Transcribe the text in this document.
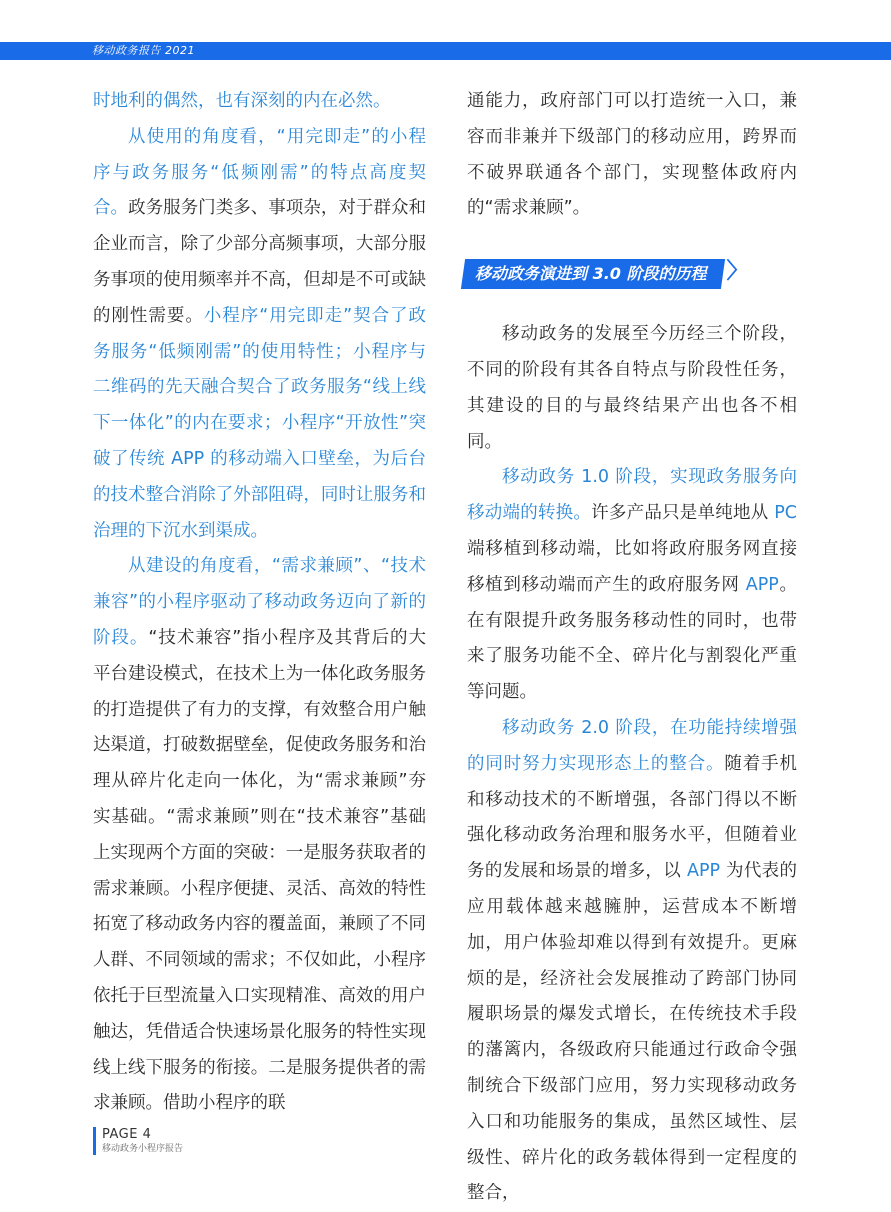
移动政务报告 2021

时地利的偶然，也有深刻的内在必然。

从使用的角度看，“用完即走”的小程序与政务服务“低频刚需”的特点高度契合。政务服务门类多、事项杂，对于群众和企业而言，除了少部分高频事项，大部分服务事项的使用频率并不高，但却是不可或缺的刚性需要。小程序“用完即走”契合了政务服务“低频刚需”的使用特性；小程序与二维码的先天融合契合了政务服务“线上线下一体化”的内在要求；小程序“开放性”突破了传统 APP 的移动端入口壁垒，为后台的技术整合消除了外部阻碍，同时让服务和治理的下沉水到渠成。

从建设的角度看，“需求兼顾”、“技术兼容”的小程序驱动了移动政务迈向了新的阶段。“技术兼容”指小程序及其背后的大平台建设模式，在技术上为一体化政务服务的打造提供了有力的支撑，有效整合用户触达渠道，打破数据壁垒，促使政务服务和治理从碎片化走向一体化，为“需求兼顾”夯实基础。“需求兼顾”则在“技术兼容”基础上实现两个方面的突破：一是服务获取者的需求兼顾。小程序便捷、灵活、高效的特性拓宽了移动政务内容的覆盖面，兼顾了不同人群、不同领域的需求；不仅如此，小程序依托于巨型流量入口实现精准、高效的用户触达，凭借适合快速场景化服务的特性实现线上线下服务的衔接。二是服务提供者的需求兼顾。借助小程序的联

通能力，政府部门可以打造统一入口，兼容而非兼并下级部门的移动应用，跨界而不破界联通各个部门，实现整体政府内的“需求兼顾”。

移动政务演进到 3.0 阶段的历程 〉

移动政务的发展至今历经三个阶段，不同的阶段有其各自特点与阶段性任务，其建设的目的与最终结果产出也各不相同。

移动政务 1.0 阶段，实现政务服务向移动端的转换。许多产品只是单纯地从 PC 端移植到移动端，比如将政府服务网直接移植到移动端而产生的政府服务网 APP。在有限提升政务服务移动性的同时，也带来了服务功能不全、碎片化与割裂化严重等问题。

移动政务 2.0 阶段，在功能持续增强的同时努力实现形态上的整合。随着手机和移动技术的不断增强，各部门得以不断强化移动政务治理和服务水平，但随着业务的发展和场景的增多，以 APP 为代表的应用载体越来越臃肿，运营成本不断增加，用户体验却难以得到有效提升。更麻烦的是，经济社会发展推动了跨部门协同履职场景的爆发式增长，在传统技术手段的藩篱内，各级政府只能通过行政命令强制统合下级部门应用，努力实现移动政务入口和功能服务的集成，虽然区域性、层级性、碎片化的政务载体得到一定程度的整合，

PAGE 4
移动政务小程序报告
